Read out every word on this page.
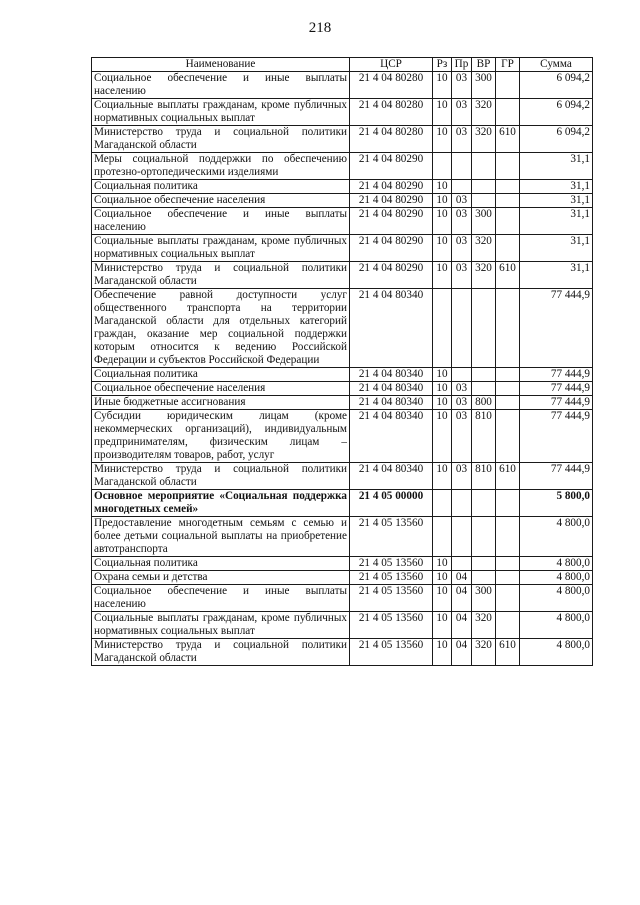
218
Наименование	ЦСР	Рз	Пр	ВР	ГР	Сумма
Социальное обеспечение и иные выплаты населению	21 4 04 80280	10	03	300		6 094,2
Социальные выплаты гражданам, кроме публичных нормативных социальных выплат	21 4 04 80280	10	03	320		6 094,2
Министерство труда и социальной политики Магаданской области	21 4 04 80280	10	03	320	610	6 094,2
Меры социальной поддержки по обеспечению протезно-ортопедическими изделиями	21 4 04 80290					31,1
Социальная политика	21 4 04 80290	10				31,1
Социальное обеспечение населения	21 4 04 80290	10	03			31,1
Социальное обеспечение и иные выплаты населению	21 4 04 80290	10	03	300		31,1
Социальные выплаты гражданам, кроме публичных нормативных социальных выплат	21 4 04 80290	10	03	320		31,1
Министерство труда и социальной политики Магаданской области	21 4 04 80290	10	03	320	610	31,1
Обеспечение равной доступности услуг общественного транспорта на территории Магаданской области для отдельных категорий граждан, оказание мер социальной поддержки которым относится к ведению Российской Федерации и субъектов Российской Федерации	21 4 04 80340					77 444,9
Социальная политика	21 4 04 80340	10				77 444,9
Социальное обеспечение населения	21 4 04 80340	10	03			77 444,9
Иные бюджетные ассигнования	21 4 04 80340	10	03	800		77 444,9
Субсидии юридическим лицам (кроме некоммерческих организаций), индивидуальным предпринимателям, физическим лицам – производителям товаров, работ, услуг	21 4 04 80340	10	03	810		77 444,9
Министерство труда и социальной политики Магаданской области	21 4 04 80340	10	03	810	610	77 444,9
Основное мероприятие «Социальная поддержка многодетных семей»	21 4 05 00000					5 800,0
Предоставление многодетным семьям с семью и более детьми социальной выплаты на приобретение автотранспорта	21 4 05 13560					4 800,0
Социальная политика	21 4 05 13560	10				4 800,0
Охрана семьи и детства	21 4 05 13560	10	04			4 800,0
Социальное обеспечение и иные выплаты населению	21 4 05 13560	10	04	300		4 800,0
Социальные выплаты гражданам, кроме публичных нормативных социальных выплат	21 4 05 13560	10	04	320		4 800,0
Министерство труда и социальной политики Магаданской области	21 4 05 13560	10	04	320	610	4 800,0
